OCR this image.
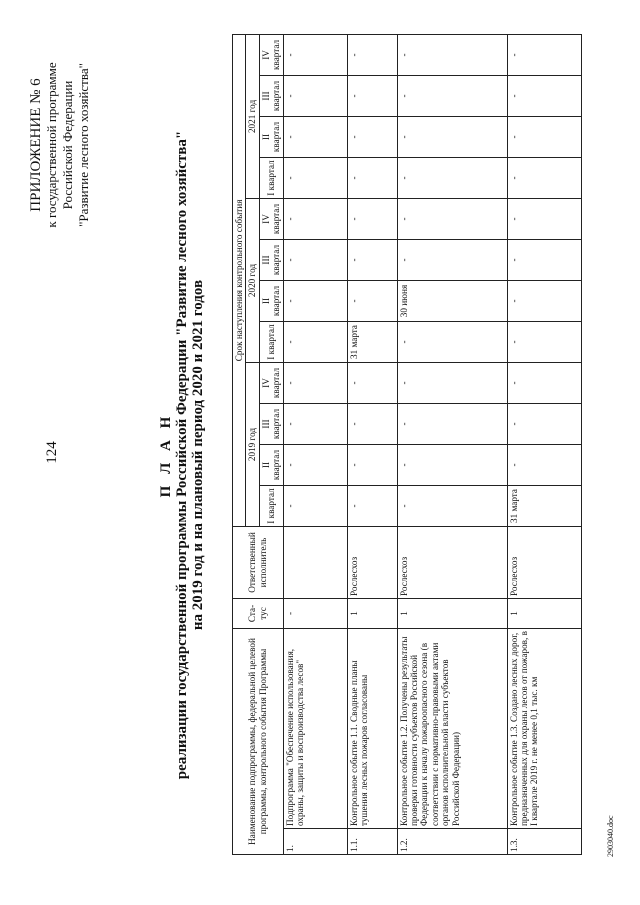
124
ПРИЛОЖЕНИЕ № 6 к государственной программе Российской Федерации "Развитие лесного хозяйства"
П Л А Н реализации государственной программы Российской Федерации "Развитие лесного хозяйства" на 2019 год и на плановый период 2020 и 2021 годов
Наименование подпрограммы, федеральной целевой программы, контрольного события Программы		Ста-тус	Ответственный исполнитель	Срок наступления контрольного события											
				2019 год				2020 год				2021 год			
				I квартал	II квартал	III квартал	IV квартал	I квартал	II квартал	III квартал	IV квартал	I квартал	II квартал	III квартал	IV квартал
1.	Подпрограмма "Обеспечение использования, охраны, защиты и воспроизводства лесов"	-		-	-	-	-	-	-	-	-	-	-	-	-
1.1.	Контрольное событие 1.1. Сводные планы тушения лесных пожаров согласованы	1	Рослесхоз	-	-	-	-	31 марта	-	-	-	-	-	-	-
1.2.	Контрольное событие 1.2. Получены результаты проверки готовности субъектов Российской Федерации к началу пожароопасного сезона (в соответствии с нормативно-правовыми актами органов исполнительной власти субъектов Российской Федерации)	1	Рослесхоз	-	-	-	-	-	30 июня	-	-	-	-	-	-
1.3.	Контрольное событие 1.3. Создано лесных дорог, предназначенных для охраны лесов от пожаров, в I квартале 2019 г. не менее 0,1 тыс. км	1	Рослесхоз	31 марта	-	-	-	-	-	-	-	-	-	-	-
2903040.doc
